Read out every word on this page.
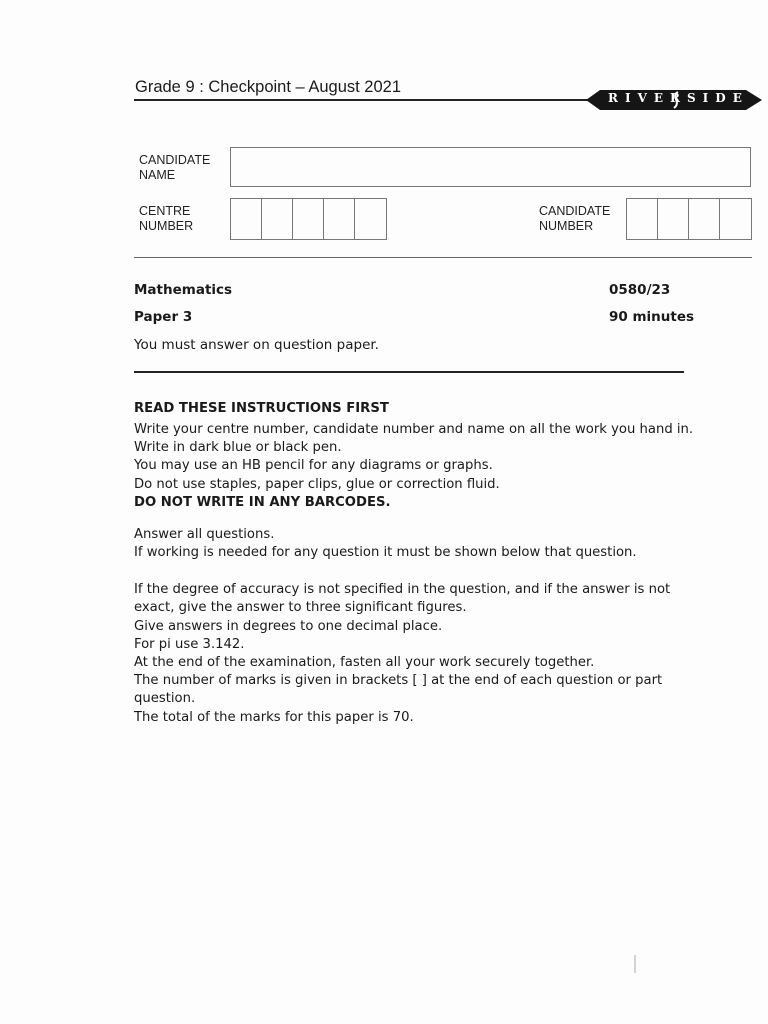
Grade 9 : Checkpoint – August 2021
RIVERSIDE
CANDIDATE
NAME
CENTRE
NUMBER
CANDIDATE
NUMBER
Mathematics	0580/23
Paper 3	90 minutes
You must answer on question paper.
READ THESE INSTRUCTIONS FIRST
Write your centre number, candidate number and name on all the work you hand in.
Write in dark blue or black pen.
You may use an HB pencil for any diagrams or graphs.
Do not use staples, paper clips, glue or correction fluid.
DO NOT WRITE IN ANY BARCODES.
Answer all questions.
If working is needed for any question it must be shown below that question.
If the degree of accuracy is not specified in the question, and if the answer is not
exact, give the answer to three significant figures.
Give answers in degrees to one decimal place.
For pi use 3.142.
At the end of the examination, fasten all your work securely together.
The number of marks is given in brackets [ ] at the end of each question or part
question.
The total of the marks for this paper is 70.
